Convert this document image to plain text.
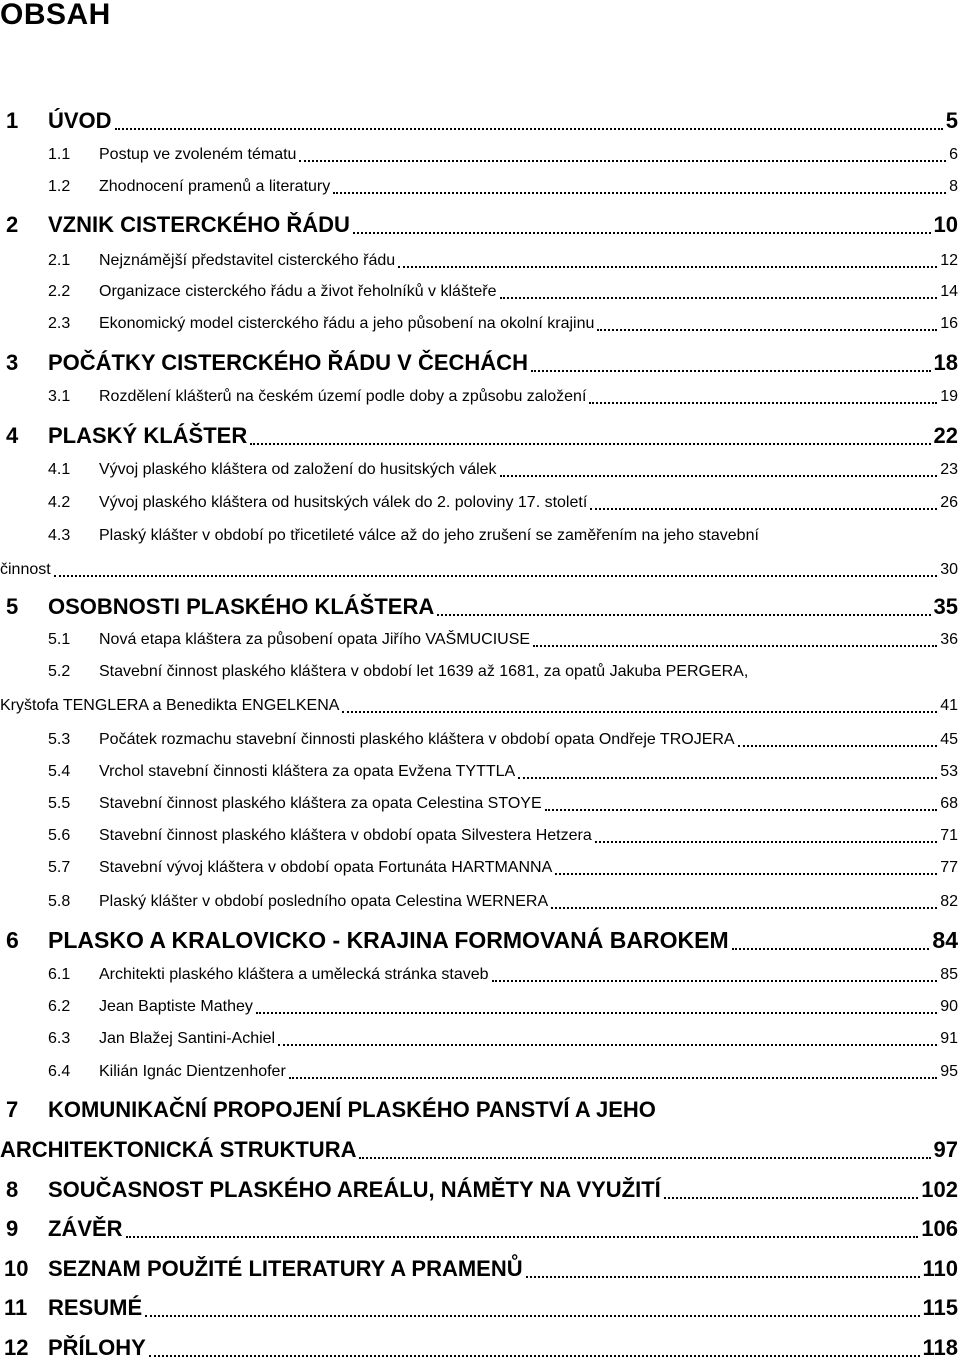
OBSAH
1 ÚVOD	5
1.1 Postup ve zvoleném tématu	6
1.2 Zhodnocení pramenů a literatury	8
2 VZNIK CISTERCKÉHO ŘÁDU	10
2.1 Nejznámější představitel cisterckého řádu	12
2.2 Organizace cisterckého řádu a život řeholníků v klášteře	14
2.3 Ekonomický model cisterckého řádu a jeho působení na okolní krajinu	16
3 POČÁTKY CISTERCKÉHO ŘÁDU V ČECHÁCH	18
3.1 Rozdělení klášterů na českém území podle doby a způsobu založení	19
4 PLASKÝ KLÁŠTER	22
4.1 Vývoj plaského kláštera od založení do husitských válek	23
4.2 Vývoj plaského kláštera od husitských válek do 2. poloviny 17. století	26
4.3 Plaský klášter v období po třicetileté válce až do jeho zrušení se zaměřením na jeho stavební
činnost	30
5 OSOBNOSTI PLASKÉHO KLÁŠTERA	35
5.1 Nová etapa kláštera za působení opata Jiřího VAŠMUCIUSE	36
5.2 Stavební činnost plaského kláštera v období let 1639 až 1681, za opatů Jakuba PERGERA,
Kryštofa TENGLERA a Benedikta ENGELKENA	41
5.3 Počátek rozmachu stavební činnosti plaského kláštera v období opata Ondřeje TROJERA	45
5.4 Vrchol stavební činnosti kláštera za opata Evžena TYTTLA	53
5.5 Stavební činnost plaského kláštera za opata Celestina STOYE	68
5.6 Stavební činnost plaského kláštera v období opata Silvestera Hetzera	71
5.7 Stavební vývoj kláštera v období opata Fortunáta HARTMANNA	77
5.8 Plaský klášter v období posledního opata Celestina WERNERA	82
6 PLASKO A KRALOVICKO - KRAJINA FORMOVANÁ BAROKEM	84
6.1 Architekti plaského kláštera a umělecká stránka staveb	85
6.2 Jean Baptiste Mathey	90
6.3 Jan Blažej Santini-Achiel	91
6.4 Kilián Ignác Dientzenhofer	95
7 KOMUNIKAČNÍ PROPOJENÍ PLASKÉHO PANSTVÍ A JEHO
ARCHITEKTONICKÁ STRUKTURA	97
8 SOUČASNOST PLASKÉHO AREÁLU, NÁMĚTY NA VYUŽITÍ	102
9 ZÁVĚR	106
10 SEZNAM POUŽITÉ LITERATURY A PRAMENŮ	110
11 RESUMÉ	115
12 PŘÍLOHY	118
